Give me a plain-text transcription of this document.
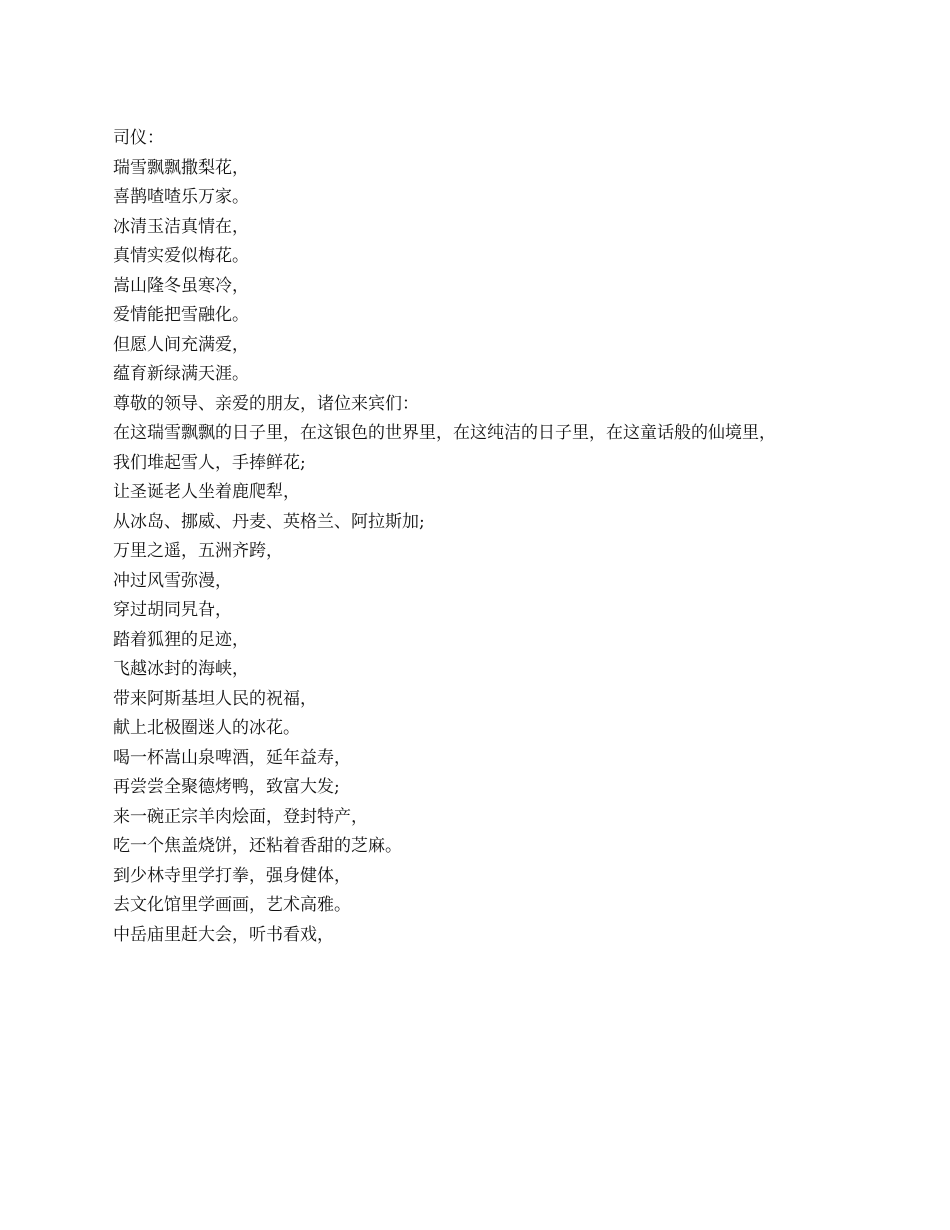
司仪：
瑞雪飘飘撒梨花，
喜鹊喳喳乐万家。
冰清玉洁真情在，
真情实爱似梅花。
嵩山隆冬虽寒冷，
爱情能把雪融化。
但愿人间充满爱，
蕴育新绿满天涯。
尊敬的领导、亲爱的朋友，诸位来宾们：
在这瑞雪飘飘的日子里，在这银色的世界里，在这纯洁的日子里，在这童话般的仙境里，
我们堆起雪人，手捧鲜花;
让圣诞老人坐着鹿爬犁，
从冰岛、挪威、丹麦、英格兰、阿拉斯加;
万里之遥，五洲齐跨，
冲过风雪弥漫，
穿过胡同旯旮，
踏着狐狸的足迹，
飞越冰封的海峡，
带来阿斯基坦人民的祝福，
献上北极圈迷人的冰花。
喝一杯嵩山泉啤酒，延年益寿，
再尝尝全聚德烤鸭，致富大发;
来一碗正宗羊肉烩面，登封特产，
吃一个焦盖烧饼，还粘着香甜的芝麻。
到少林寺里学打拳，强身健体，
去文化馆里学画画，艺术高雅。
中岳庙里赶大会，听书看戏，
